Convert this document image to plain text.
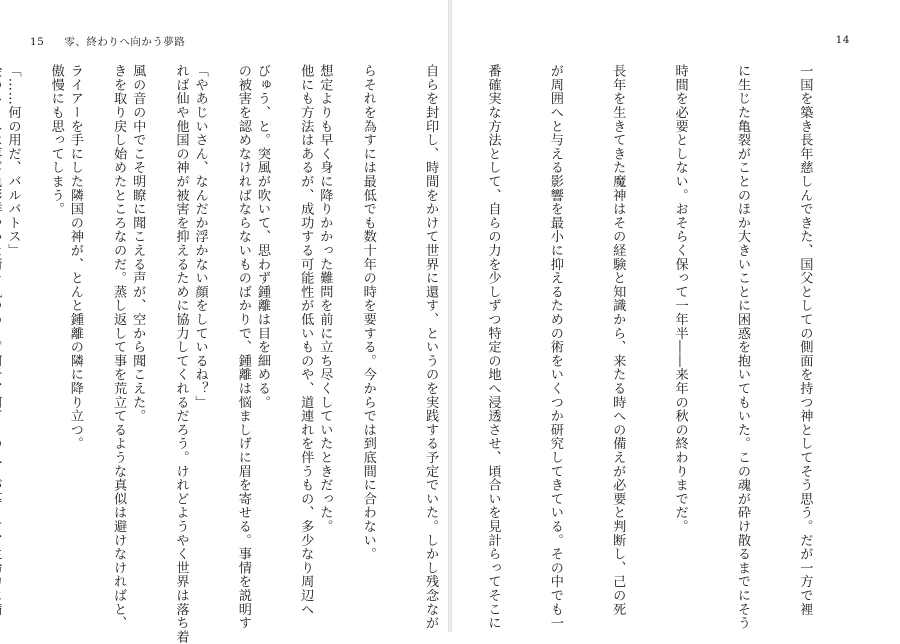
15 零、終わりへ向かう夢路

想定よりも早く身に降りかかった難問を前に立ち尽くしていたときだった。

びゅう、と。突風が吹いて、思わず鍾離は目を細める。

「やあじいさん、なんだか浮かない顔をしているね？」

風の音の中でこそ明瞭に聞こえる声が、空から聞こえた。

ライアーを手にした隣国の神が、とんと鍾離の隣に降り立つ。

「……何の用だ、バルバトス」

14

一国を築き長年慈しんできた、国父としての側面を持つ神としてそう思う。だが一方で裡

に生じた亀裂がことのほか大きいことに困惑を抱いてもいた。この魂が砕け散るまでにそう

時間を必要としない。おそらく保って一年半――来年の秋の終わりまでだ。

長年を生きてきた魔神はその経験と知識から、来たる時への備えが必要と判断し、己の死

が周囲へと与える影響を最小に抑えるための術をいくつか研究してきている。その中でも一

番確実な方法として、自らの力を少しずつ特定の地へ浸透させ、頃合いを見計らってそこに

自らを封印し、時間をかけて世界に還す、というのを実践する予定でいた。しかし残念なが

らそれを為すには最低でも数十年の時を要する。今からでは到底間に合わない。

他にも方法はあるが、成功する可能性が低いものや、道連れを伴うもの、多少なり周辺へ

の被害を認めなければならないものばかりで、鍾離は悩ましげに眉を寄せる。事情を説明す

れば仙や他国の神が被害を抑えるために協力してくれるだろう。けれどようやく世界は落ち着

きを取り戻し始めたところなのだ。蒸し返して事を荒立てるような真似は避けなければと、

傲慢にも思ってしまう。
